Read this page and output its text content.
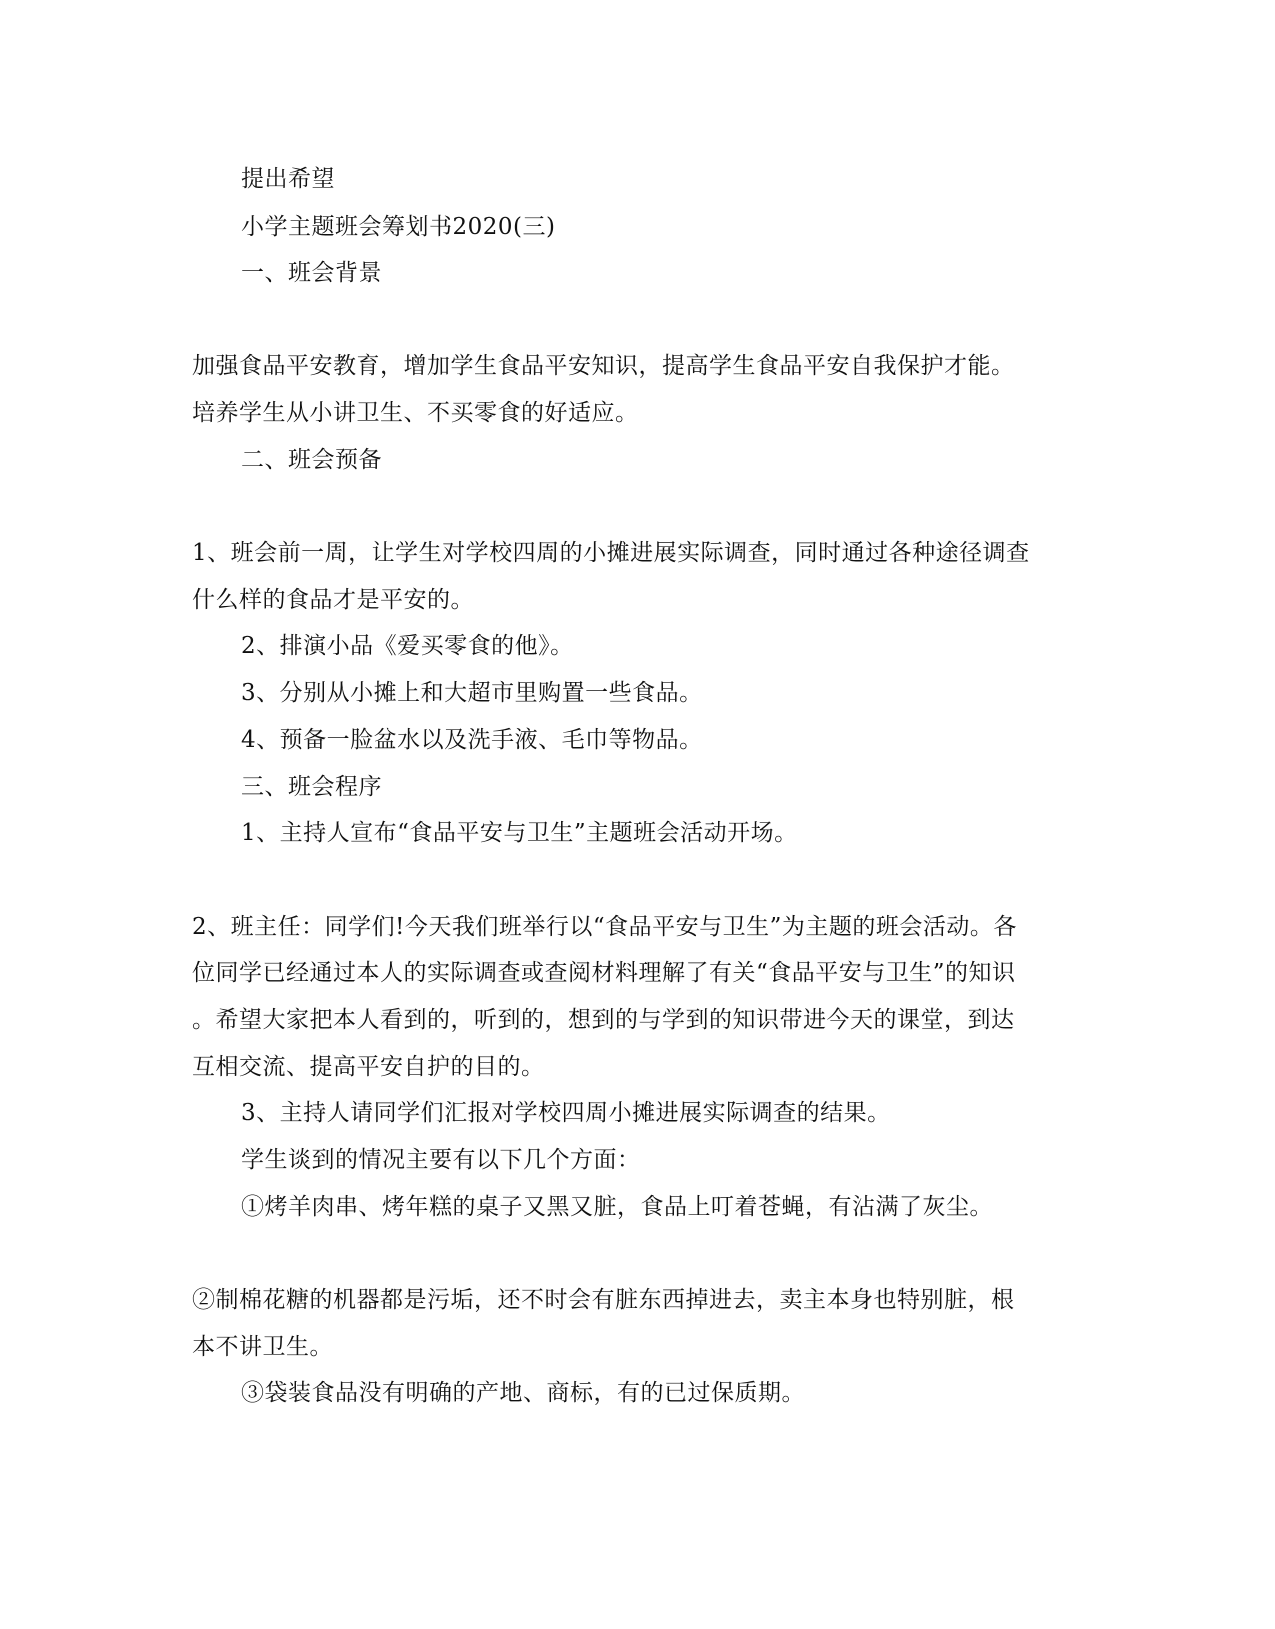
提出希望

小学主题班会筹划书2020(三)

一、班会背景

加强食品平安教育，增加学生食品平安知识，提高学生食品平安自我保护才能。

培养学生从小讲卫生、不买零食的好适应。

二、班会预备

1、班会前一周，让学生对学校四周的小摊进展实际调查，同时通过各种途径调查

什么样的食品才是平安的。

2、排演小品《爱买零食的他》。

3、分别从小摊上和大超市里购置一些食品。

4、预备一脸盆水以及洗手液、毛巾等物品。

三、班会程序

1、主持人宣布“食品平安与卫生”主题班会活动开场。

2、班主任：同学们!今天我们班举行以“食品平安与卫生”为主题的班会活动。各

位同学已经通过本人的实际调查或查阅材料理解了有关“食品平安与卫生”的知识

。希望大家把本人看到的，听到的，想到的与学到的知识带进今天的课堂，到达

互相交流、提高平安自护的目的。

3、主持人请同学们汇报对学校四周小摊进展实际调查的结果。

学生谈到的情况主要有以下几个方面：

①烤羊肉串、烤年糕的桌子又黑又脏，食品上叮着苍蝇，有沾满了灰尘。

②制棉花糖的机器都是污垢，还不时会有脏东西掉进去，卖主本身也特别脏，根

本不讲卫生。

③袋装食品没有明确的产地、商标，有的已过保质期。
